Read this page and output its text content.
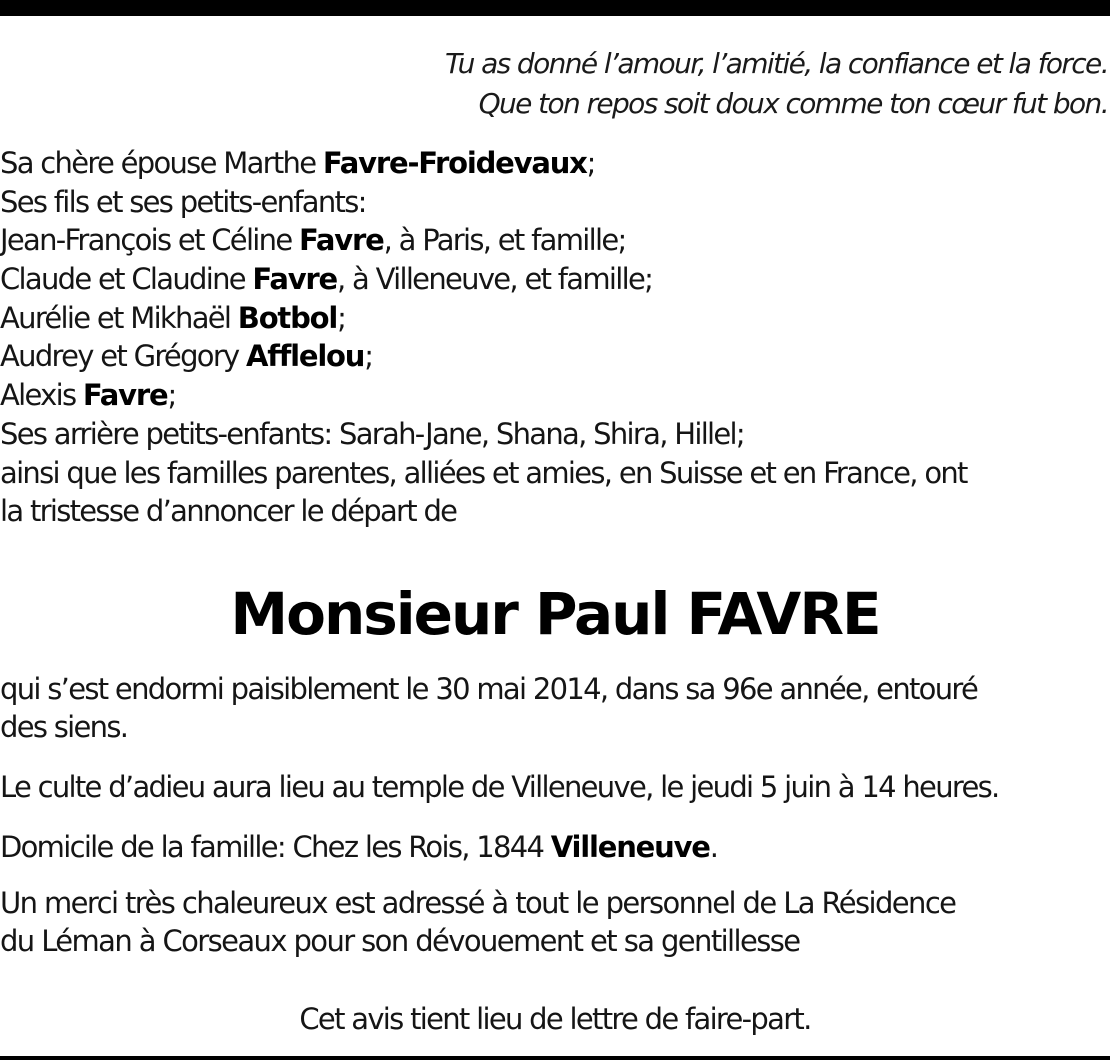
Tu as donné l’amour, l’amitié, la confiance et la force.
Que ton repos soit doux comme ton cœur fut bon.
Sa chère épouse Marthe Favre-Froidevaux;
Ses fils et ses petits-enfants:
Jean-François et Céline Favre, à Paris, et famille;
Claude et Claudine Favre, à Villeneuve, et famille;
Aurélie et Mikhaël Botbol;
Audrey et Grégory Afflelou;
Alexis Favre;
Ses arrière petits-enfants: Sarah-Jane, Shana, Shira, Hillel;
ainsi que les familles parentes, alliées et amies, en Suisse et en France, ont
la tristesse d’annoncer le départ de
Monsieur Paul FAVRE
qui s’est endormi paisiblement le 30 mai 2014, dans sa 96e année, entouré
des siens.
Le culte d’adieu aura lieu au temple de Villeneuve, le jeudi 5 juin à 14 heures.
Domicile de la famille: Chez les Rois, 1844 Villeneuve.
Un merci très chaleureux est adressé à tout le personnel de La Résidence
du Léman à Corseaux pour son dévouement et sa gentillesse
Cet avis tient lieu de lettre de faire-part.
